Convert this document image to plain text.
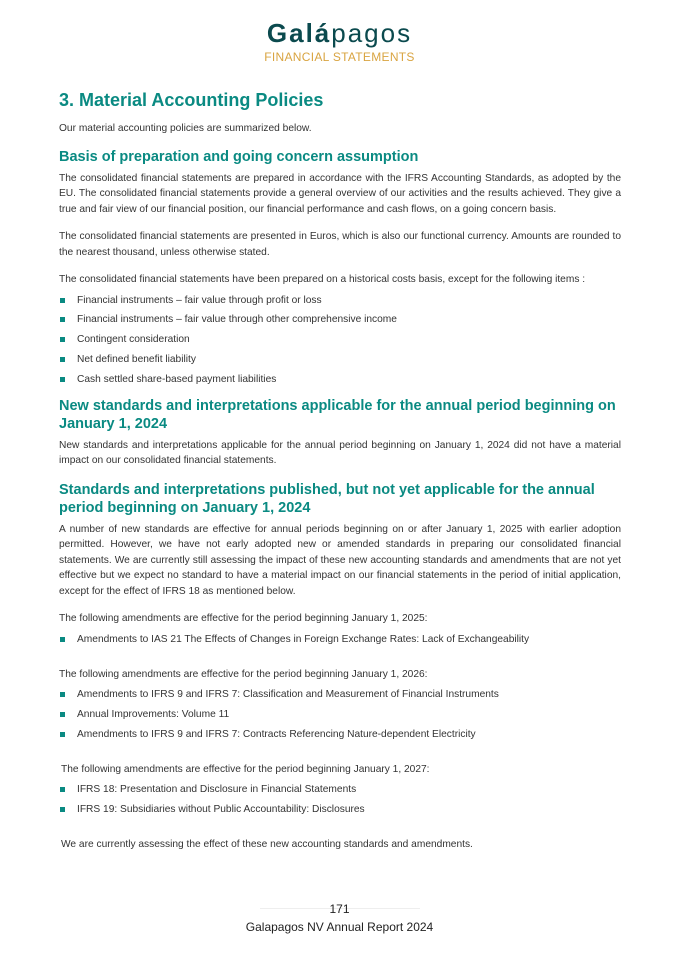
Galápagos
FINANCIAL STATEMENTS
3. Material Accounting Policies

Our material accounting policies are summarized below.

Basis of preparation and going concern assumption

The consolidated financial statements are prepared in accordance with the IFRS Accounting Standards, as adopted by the EU. The consolidated financial statements provide a general overview of our activities and the results achieved. They give a true and fair view of our financial position, our financial performance and cash flows, on a going concern basis.

The consolidated financial statements are presented in Euros, which is also our functional currency. Amounts are rounded to the nearest thousand, unless otherwise stated.

The consolidated financial statements have been prepared on a historical costs basis, except for the following items :

Financial instruments – fair value through profit or loss
Financial instruments – fair value through other comprehensive income
Contingent consideration
Net defined benefit liability
Cash settled share-based payment liabilities
New standards and interpretations applicable for the annual period beginning on January 1, 2024

New standards and interpretations applicable for the annual period beginning on January 1, 2024 did not have a material impact on our consolidated financial statements.

Standards and interpretations published, but not yet applicable for the annual period beginning on January 1, 2024

A number of new standards are effective for annual periods beginning on or after January 1, 2025 with earlier adoption permitted. However, we have not early adopted new or amended standards in preparing our consolidated financial statements. We are currently still assessing the impact of these new accounting standards and amendments that are not yet effective but we expect no standard to have a material impact on our financial statements in the period of initial application, except for the effect of IFRS 18 as mentioned below.

The following amendments are effective for the period beginning January 1, 2025:

Amendments to IAS 21 The Effects of Changes in Foreign Exchange Rates: Lack of Exchangeability

The following amendments are effective for the period beginning January 1, 2026:

Amendments to IFRS 9 and IFRS 7: Classification and Measurement of Financial Instruments
Annual Improvements: Volume 11
Amendments to IFRS 9 and IFRS 7: Contracts Referencing Nature-dependent Electricity

The following amendments are effective for the period beginning January 1, 2027:

IFRS 18: Presentation and Disclosure in Financial Statements
IFRS 19: Subsidiaries without Public Accountability: Disclosures

We are currently assessing the effect of these new accounting standards and amendments.

171
Galapagos NV Annual Report 2024
